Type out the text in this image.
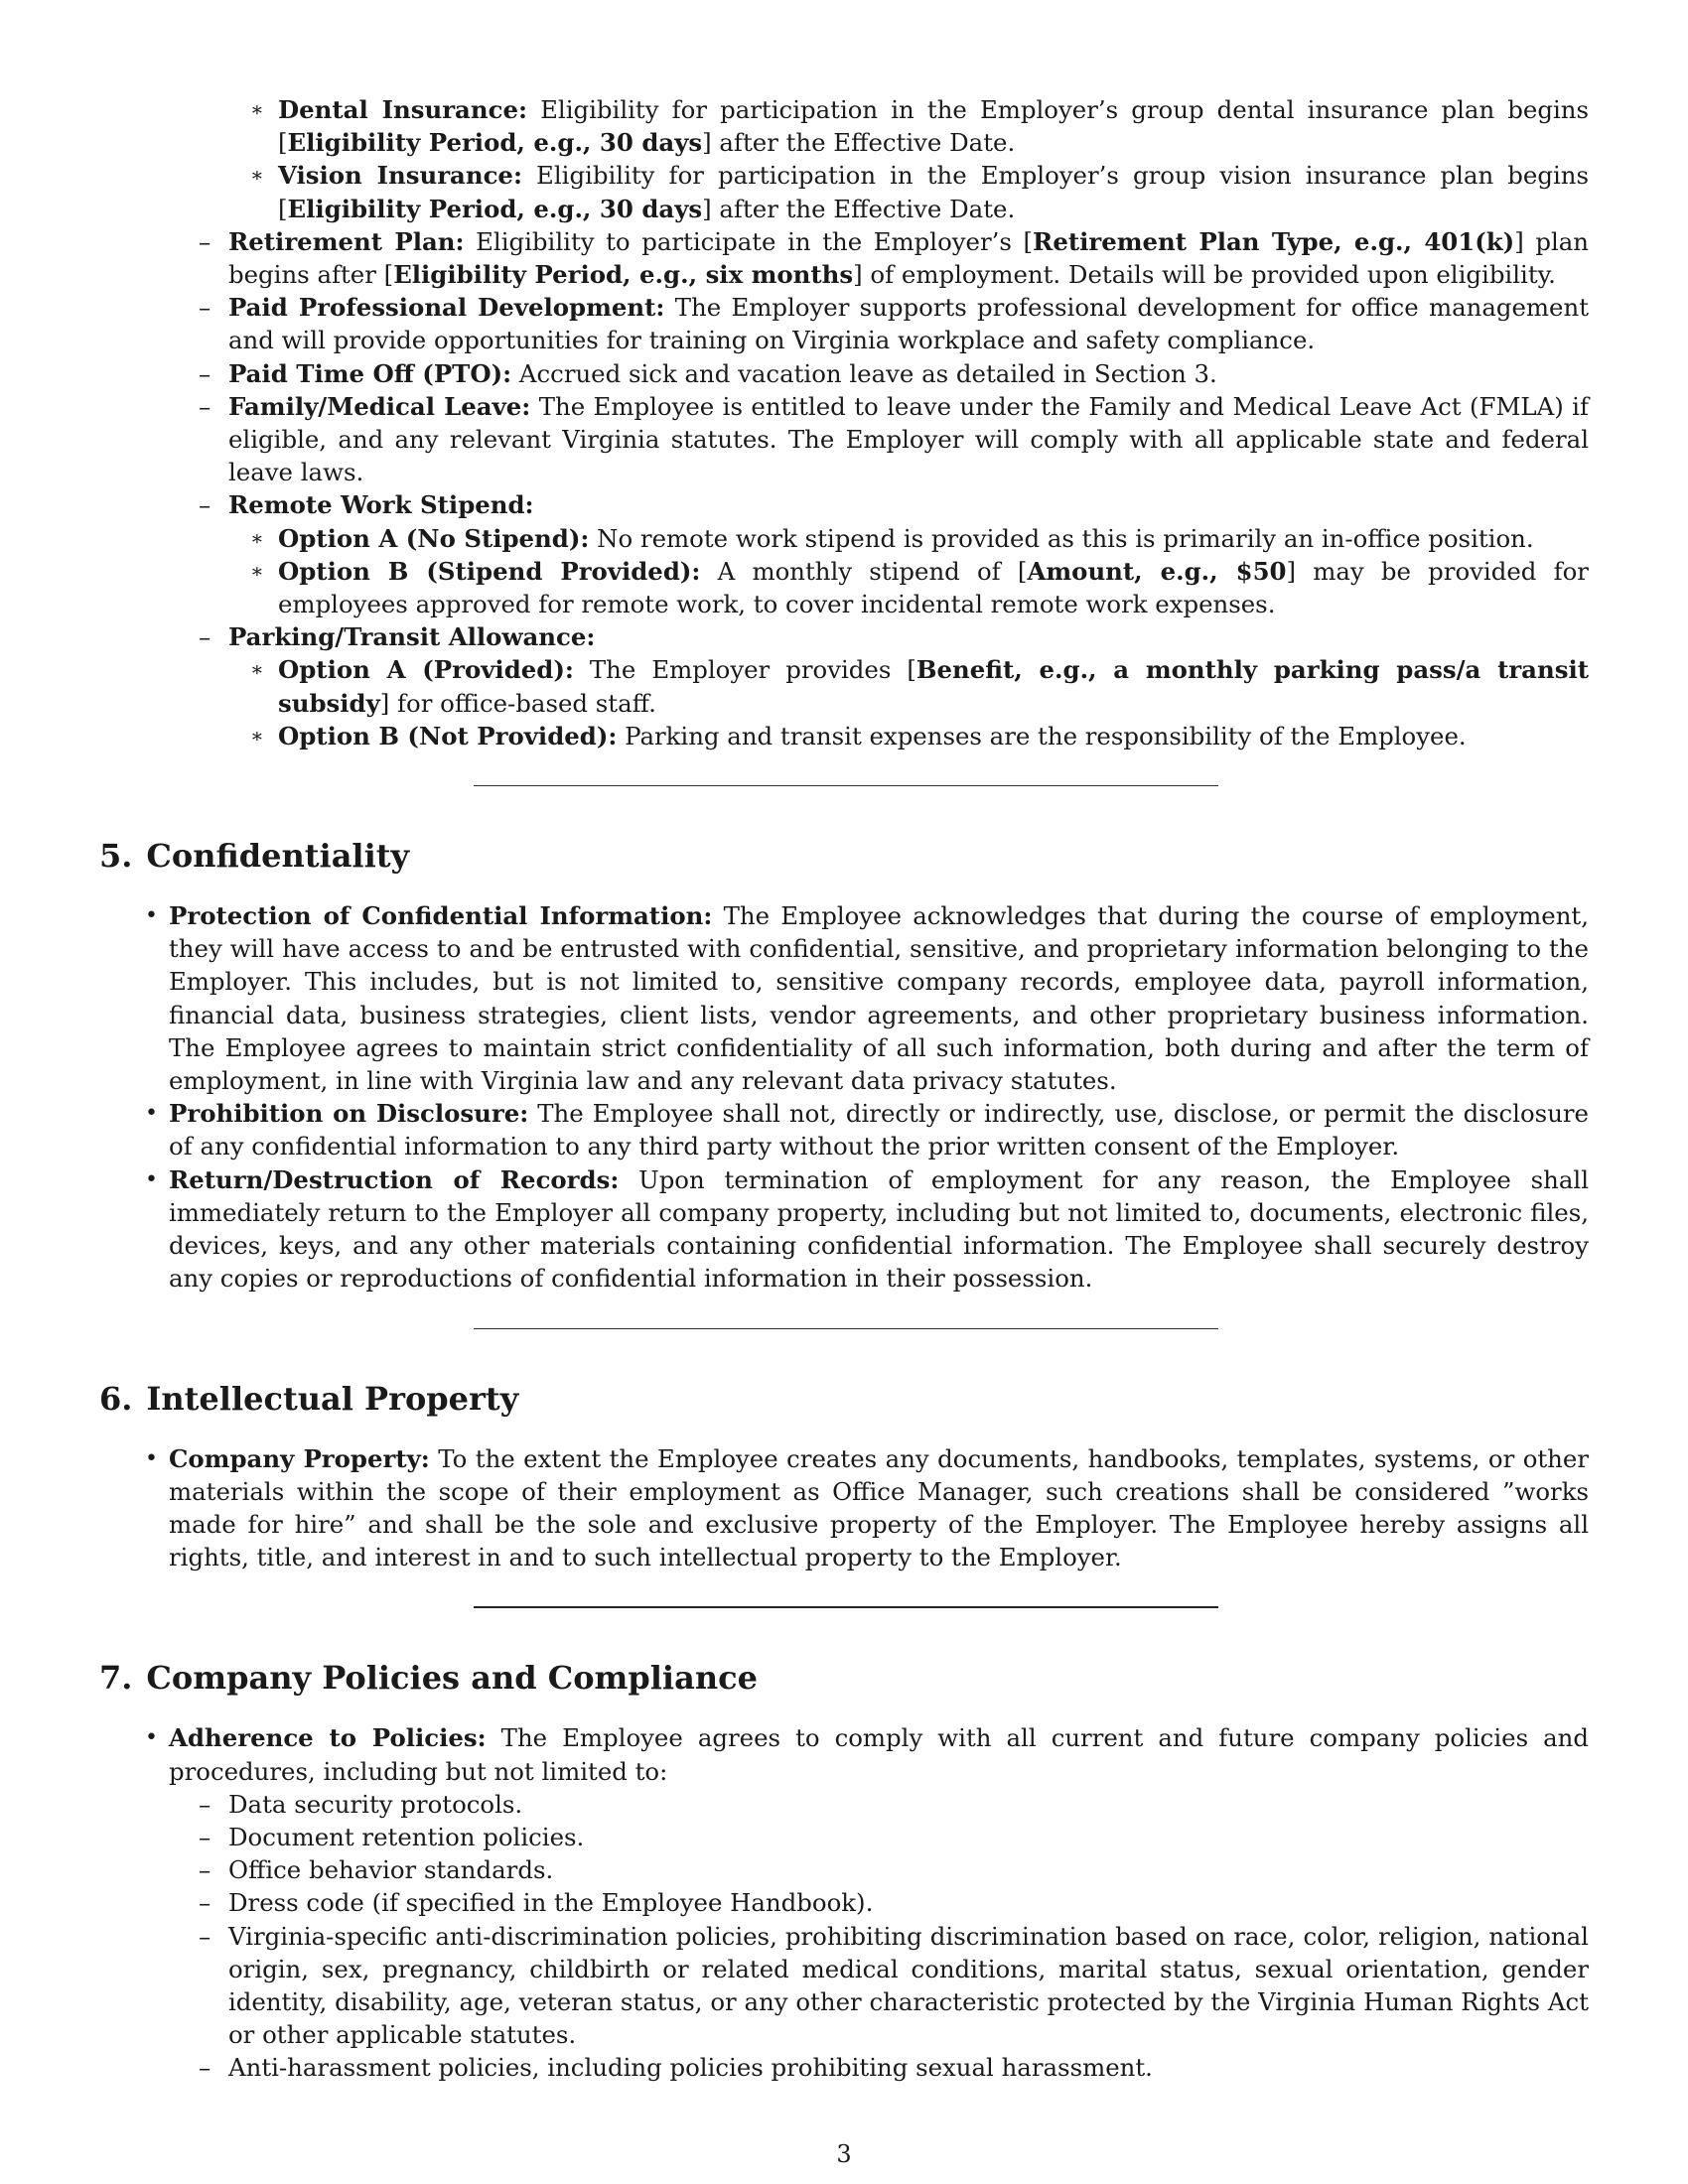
∗ Dental Insurance: Eligibility for participation in the Employer’s group dental insurance plan begins [Eligibility Period, e.g., 30 days] after the Effective Date.
∗ Vision Insurance: Eligibility for participation in the Employer’s group vision insurance plan begins [Eligibility Period, e.g., 30 days] after the Effective Date.
– Retirement Plan: Eligibility to participate in the Employer’s [Retirement Plan Type, e.g., 401(k)] plan begins after [Eligibility Period, e.g., six months] of employment. Details will be provided upon eligibility.
– Paid Professional Development: The Employer supports professional development for office management and will provide opportunities for training on Virginia workplace and safety compliance.
– Paid Time Off (PTO): Accrued sick and vacation leave as detailed in Section 3.
– Family/Medical Leave: The Employee is entitled to leave under the Family and Medical Leave Act (FMLA) if eligible, and any relevant Virginia statutes. The Employer will comply with all applicable state and federal leave laws.
– Remote Work Stipend:
∗ Option A (No Stipend): No remote work stipend is provided as this is primarily an in-office position.
∗ Option B (Stipend Provided): A monthly stipend of [Amount, e.g., $50] may be provided for employees approved for remote work, to cover incidental remote work expenses.
– Parking/Transit Allowance:
∗ Option A (Provided): The Employer provides [Benefit, e.g., a monthly parking pass/a transit subsidy] for office-based staff.
∗ Option B (Not Provided): Parking and transit expenses are the responsibility of the Employee.
5. Confidentiality
• Protection of Confidential Information: The Employee acknowledges that during the course of employment, they will have access to and be entrusted with confidential, sensitive, and proprietary information belonging to the Employer. This includes, but is not limited to, sensitive company records, employee data, payroll information, financial data, business strategies, client lists, vendor agreements, and other proprietary business information. The Employee agrees to maintain strict confidentiality of all such information, both during and after the term of employment, in line with Virginia law and any relevant data privacy statutes.
• Prohibition on Disclosure: The Employee shall not, directly or indirectly, use, disclose, or permit the disclosure of any confidential information to any third party without the prior written consent of the Employer.
• Return/Destruction of Records: Upon termination of employment for any reason, the Employee shall immediately return to the Employer all company property, including but not limited to, documents, electronic files, devices, keys, and any other materials containing confidential information. The Employee shall securely destroy any copies or reproductions of confidential information in their possession.
6. Intellectual Property
• Company Property: To the extent the Employee creates any documents, handbooks, templates, systems, or other materials within the scope of their employment as Office Manager, such creations shall be considered ”works made for hire” and shall be the sole and exclusive property of the Employer. The Employee hereby assigns all rights, title, and interest in and to such intellectual property to the Employer.
7. Company Policies and Compliance
• Adherence to Policies: The Employee agrees to comply with all current and future company policies and procedures, including but not limited to:
– Data security protocols.
– Document retention policies.
– Office behavior standards.
– Dress code (if specified in the Employee Handbook).
– Virginia-specific anti-discrimination policies, prohibiting discrimination based on race, color, religion, national origin, sex, pregnancy, childbirth or related medical conditions, marital status, sexual orientation, gender identity, disability, age, veteran status, or any other characteristic protected by the Virginia Human Rights Act or other applicable statutes.
– Anti-harassment policies, including policies prohibiting sexual harassment.
3
